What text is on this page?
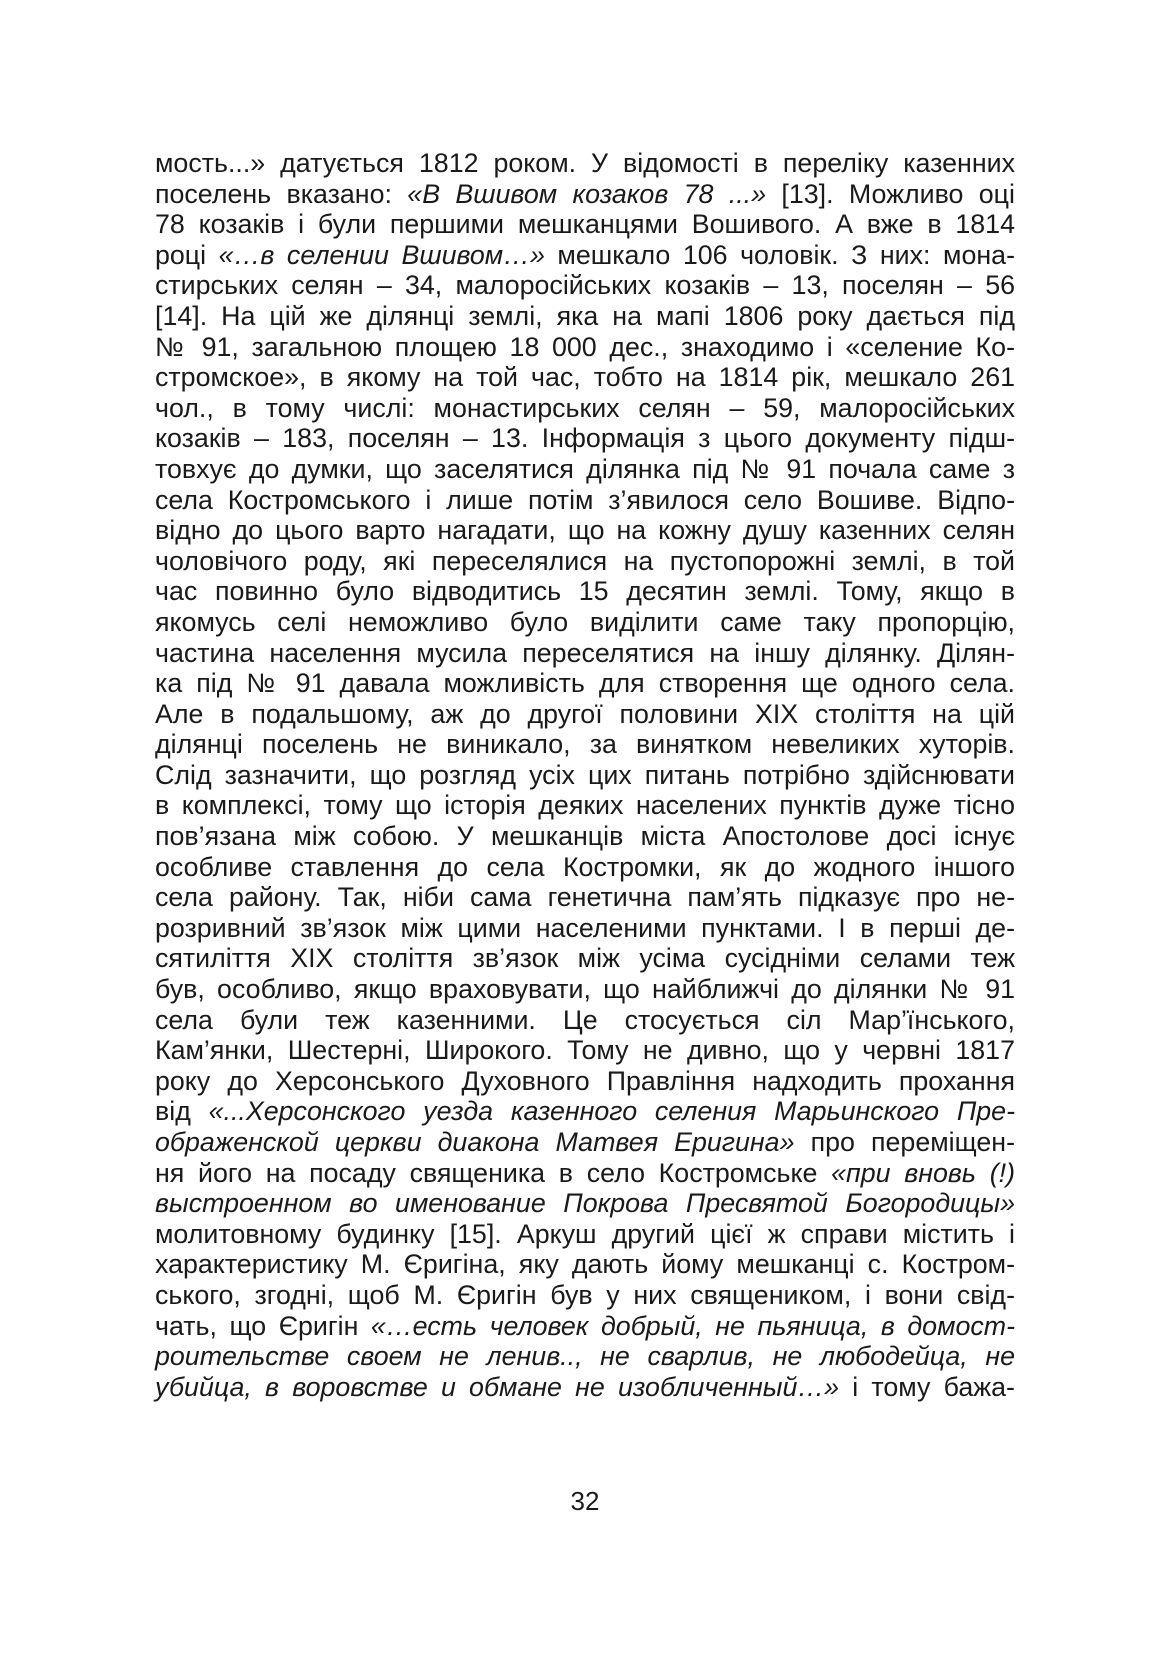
мость...» датується 1812 роком. У відомості в переліку казенних
поселень вказано: «В Вшивом козаков 78 ...» [13]. Можливо оці
78 козаків і були першими мешканцями Вошивого. А вже в 1814
році «…в селении Вшивом…» мешкало 106 чоловік. З них: мона-
стирських селян – 34, малоросійських козаків – 13, поселян – 56
[14]. На цій же ділянці землі, яка на мапі 1806 року дається під
№ 91, загальною площею 18 000 дес., знаходимо і «селение Ко-
стромское», в якому на той час, тобто на 1814 рік, мешкало 261
чол., в тому числі: монастирських селян – 59, малоросійських
козаків – 183, поселян – 13. Інформація з цього документу підш-
товхує до думки, що заселятися ділянка під № 91 почала саме з
села Костромського і лише потім з’явилося село Вошиве. Відпо-
відно до цього варто нагадати, що на кожну душу казенних селян
чоловічого роду, які переселялися на пустопорожні землі, в той
час повинно було відводитись 15 десятин землі. Тому, якщо в
якомусь селі неможливо було виділити саме таку пропорцію,
частина населення мусила переселятися на іншу ділянку. Ділян-
ка під № 91 давала можливість для створення ще одного села.
Але в подальшому, аж до другої половини ХІХ століття на цій
ділянці поселень не виникало, за винятком невеликих хуторів.
Слід зазначити, що розгляд усіх цих питань потрібно здійснювати
в комплексі, тому що історія деяких населених пунктів дуже тісно
пов’язана між собою. У мешканців міста Апостолове досі існує
особливе ставлення до села Костромки, як до жодного іншого
села району. Так, ніби сама генетична пам’ять підказує про не-
розривний зв’язок між цими населеними пунктами. І в перші де-
сятиліття ХІХ століття зв’язок між усіма сусідніми селами теж
був, особливо, якщо враховувати, що найближчі до ділянки № 91
села були теж казенними. Це стосується сіл Мар’їнського,
Кам’янки, Шестерні, Широкого. Тому не дивно, що у червні 1817
року до Херсонського Духовного Правління надходить прохання
від «...Херсонского уезда казенного селения Марьинского Пре-
ображенской церкви диакона Матвея Еригина» про переміщен-
ня його на посаду священика в село Костромське «при вновь (!)
выстроенном во именование Покрова Пресвятой Богородицы»
молитовному будинку [15]. Аркуш другий цієї ж справи містить і
характеристику М. Єригіна, яку дають йому мешканці с. Костром-
ського, згодні, щоб М. Єригін був у них священиком, і вони свід-
чать, що Єригін «…есть человек добрый, не пьяница, в домост-
роительстве своем не ленив.., не сварлив, не любодейца, не
убийца, в воровстве и обмане не изобличенный…» і тому бажа-
32
